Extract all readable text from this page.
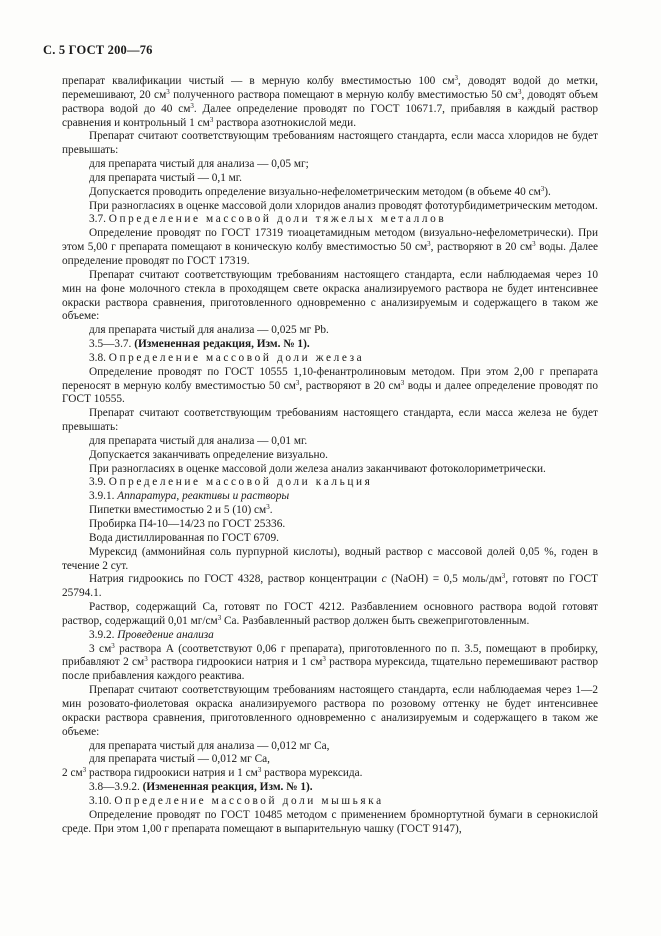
С. 5 ГОСТ 200—76

препарат квалификации чистый — в мерную колбу вместимостью 100 $см^3$, доводят водой до метки, перемешивают, 20 $см^3$ полученного раствора помещают в мерную колбу вместимостью 50 $см^3$, доводят объем раствора водой до 40 $см^3$. Далее определение проводят по ГОСТ 10671.7, прибавляя в каждый раствор сравнения и контрольный 1 $см^3$ раствора азотнокислой меди.

Препарат считают соответствующим требованиям настоящего стандарта, если масса хлоридов не будет превышать:

для препарата чистый для анализа — 0,05 мг;

для препарата чистый — 0,1 мг.

Допускается проводить определение визуально-нефелометрическим методом (в объеме 40 $см^3$).

При разногласиях в оценке массовой доли хлоридов анализ проводят фототурбидиметрическим методом.

3.7. Определение массовой доли тяжелых металлов

Определение проводят по ГОСТ 17319 тиоацетамидным методом (визуально-нефелометрически). При этом 5,00 г препарата помещают в коническую колбу вместимостью 50 $см^3$, растворяют в 20 $см^3$ воды. Далее определение проводят по ГОСТ 17319.

Препарат считают соответствующим требованиям настоящего стандарта, если наблюдаемая через 10 мин на фоне молочного стекла в проходящем свете окраска анализируемого раствора не будет интенсивнее окраски раствора сравнения, приготовленного одновременно с анализируемым и содержащего в таком же объеме:

для препарата чистый для анализа — 0,025 мг Pb.

3.5—3.7. (Измененная редакция, Изм. № 1).

3.8. Определение массовой доли железа

Определение проводят по ГОСТ 10555 1,10-фенантролиновым методом. При этом 2,00 г препарата переносят в мерную колбу вместимостью 50 $см^3$, растворяют в 20 $см^3$ воды и далее определение проводят по ГОСТ 10555.

Препарат считают соответствующим требованиям настоящего стандарта, если масса железа не будет превышать:

для препарата чистый для анализа — 0,01 мг.

Допускается заканчивать определение визуально.

При разногласиях в оценке массовой доли железа анализ заканчивают фотоколориметрически.

3.9. Определение массовой доли кальция

3.9.1. Аппаратура, реактивы и растворы

Пипетки вместимостью 2 и 5 (10) $см^3$.

Пробирка П4-10—14/23 по ГОСТ 25336.

Вода дистиллированная по ГОСТ 6709.

Мурексид (аммонийная соль пурпурной кислоты), водный раствор с массовой долей 0,05 %, годен в течение 2 сут.

Натрия гидроокись по ГОСТ 4328, раствор концентрации c (NaOH) = 0,5 моль/$дм^3$, готовят по ГОСТ 25794.1.

Раствор, содержащий Са, готовят по ГОСТ 4212. Разбавлением основного раствора водой готовят раствор, содержащий 0,01 $мг/см^3$ Са. Разбавленный раствор должен быть свежеприготовленным.

3.9.2. Проведение анализа

3 $см^3$ раствора А (соответствуют 0,06 г препарата), приготовленного по п. 3.5, помещают в пробирку, прибавляют 2 $см^3$ раствора гидроокиси натрия и 1 $см^3$ раствора мурексида, тщательно перемешивают раствор после прибавления каждого реактива.

Препарат считают соответствующим требованиям настоящего стандарта, если наблюдаемая через 1—2 мин розовато-фиолетовая окраска анализируемого раствора по розовому оттенку не будет интенсивнее окраски раствора сравнения, приготовленного одновременно с анализируемым и содержащего в таком же объеме:

для препарата чистый для анализа — 0,012 мг Са,

для препарата чистый — 0,012 мг Са,

2 $см^3$ раствора гидроокиси натрия и 1 $см^3$ раствора мурексида.

3.8—3.9.2. (Измененная реакция, Изм. № 1).

3.10. Определение массовой доли мышьяка

Определение проводят по ГОСТ 10485 методом с применением бромнортутной бумаги в сернокислой среде. При этом 1,00 г препарата помещают в выпарительную чашку (ГОСТ 9147),
